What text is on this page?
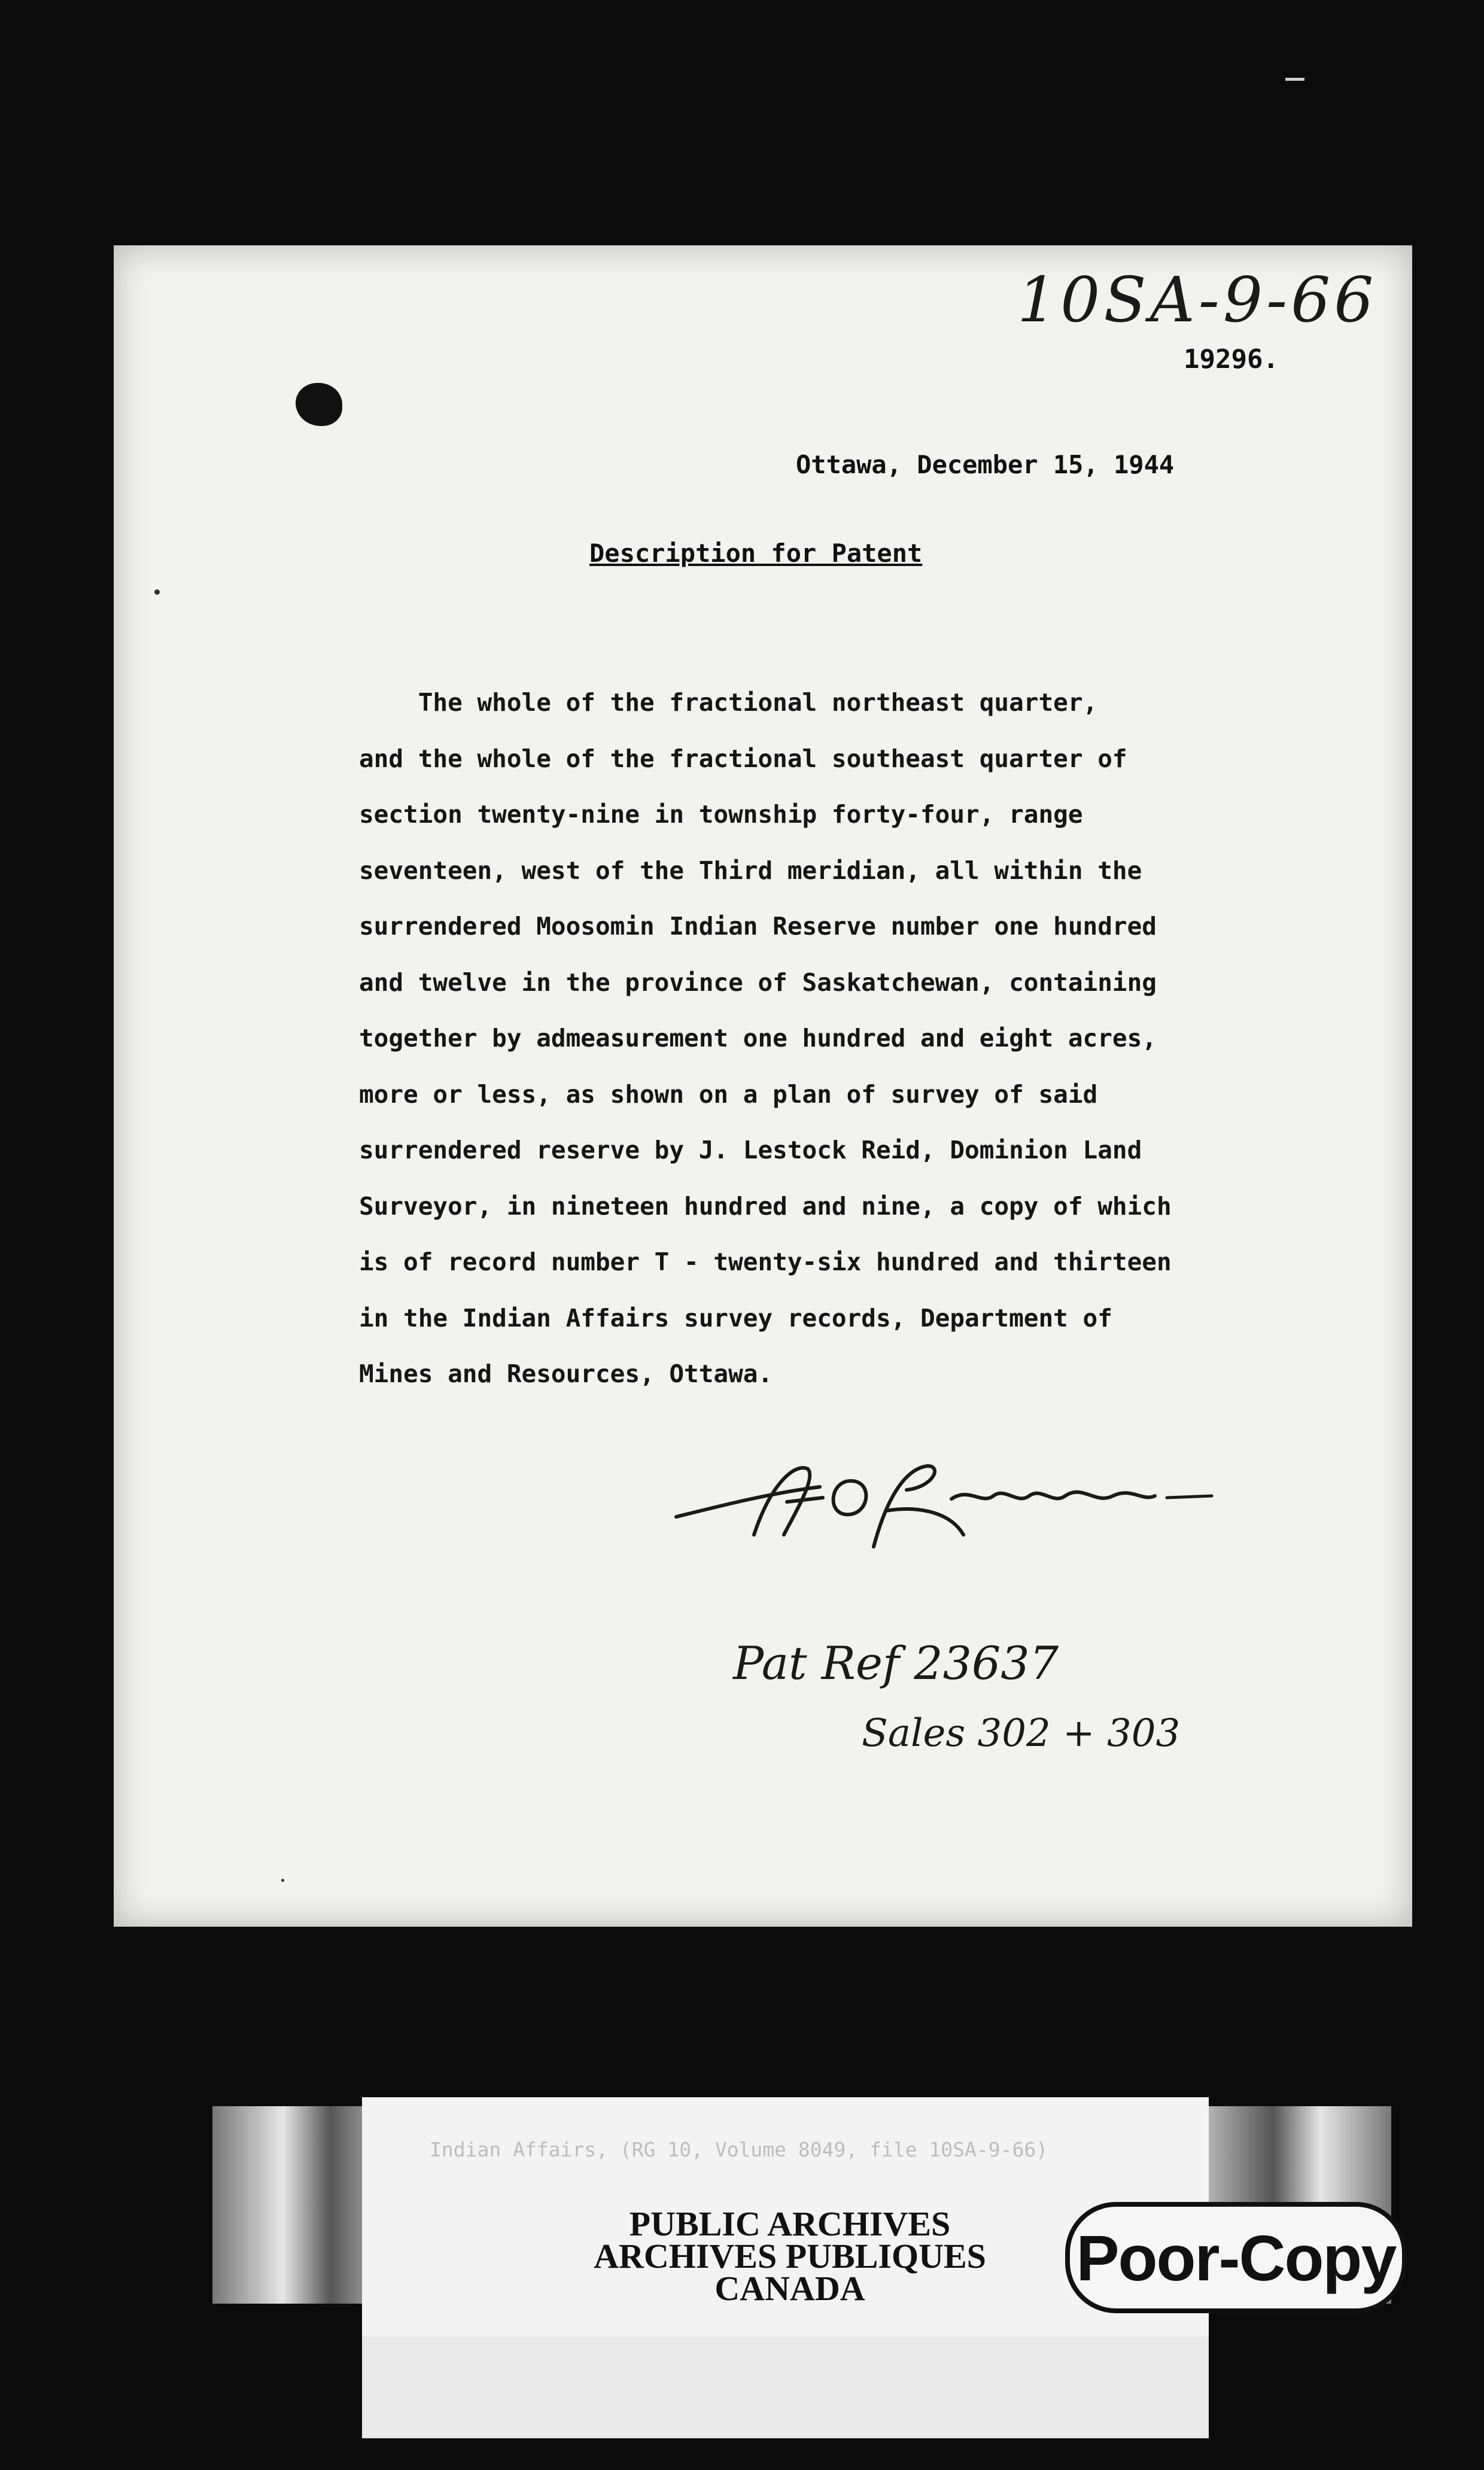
10SA-9-66
19296.
Ottawa, December 15, 1944
Description for Patent
The whole of the fractional northeast quarter,
and the whole of the fractional southeast quarter of
section twenty-nine in township forty-four, range
seventeen, west of the Third meridian, all within the
surrendered Moosomin Indian Reserve number one hundred
and twelve in the province of Saskatchewan, containing
together by admeasurement one hundred and eight acres,
more or less, as shown on a plan of survey of said
surrendered reserve by J. Lestock Reid, Dominion Land
Surveyor, in nineteen hundred and nine, a copy of which
is of record number T - twenty-six hundred and thirteen
in the Indian Affairs survey records, Department of
Mines and Resources, Ottawa.
Pat Ref 23637
Sales 302 + 303
Indian Affairs, (RG 10, Volume 8049, file 10SA-9-66)
PUBLIC ARCHIVES
ARCHIVES PUBLIQUES
CANADA	Poor-Copy
